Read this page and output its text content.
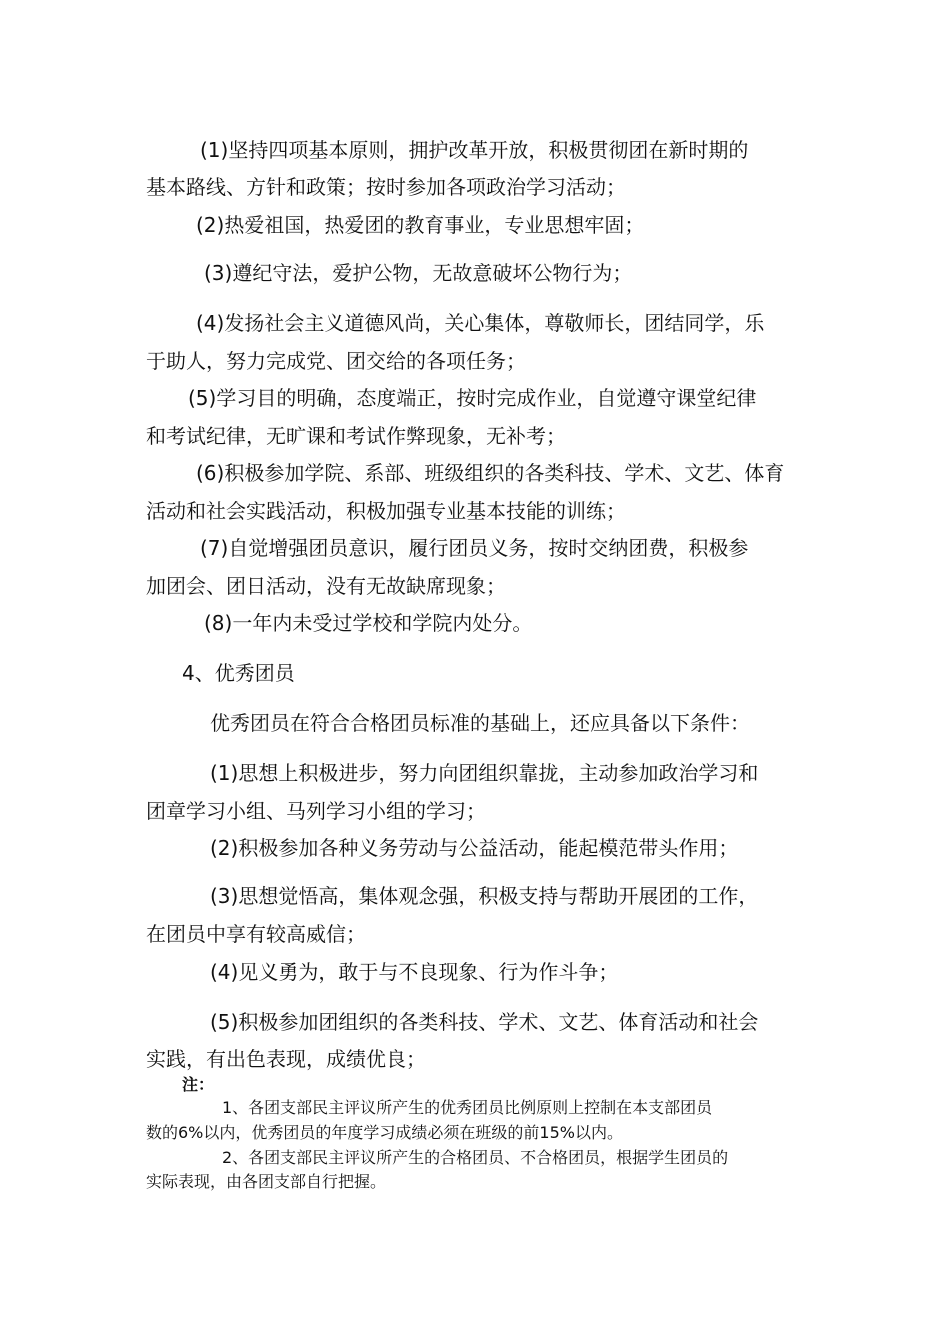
(1)坚持四项基本原则，拥护改革开放，积极贯彻团在新时期的
基本路线、方针和政策；按时参加各项政治学习活动；
(2)热爱祖国，热爱团的教育事业，专业思想牢固；
(3)遵纪守法，爱护公物，无故意破坏公物行为；
(4)发扬社会主义道德风尚，关心集体，尊敬师长，团结同学，乐
于助人，努力完成党、团交给的各项任务；
(5)学习目的明确，态度端正，按时完成作业，自觉遵守课堂纪律
和考试纪律，无旷课和考试作弊现象，无补考；
(6)积极参加学院、系部、班级组织的各类科技、学术、文艺、体育
活动和社会实践活动，积极加强专业基本技能的训练；
(7)自觉增强团员意识，履行团员义务，按时交纳团费，积极参
加团会、团日活动，没有无故缺席现象；
(8)一年内未受过学校和学院内处分。
4、优秀团员
优秀团员在符合合格团员标准的基础上，还应具备以下条件：
(1)思想上积极进步，努力向团组织靠拢，主动参加政治学习和
团章学习小组、马列学习小组的学习；
(2)积极参加各种义务劳动与公益活动，能起模范带头作用；
(3)思想觉悟高，集体观念强，积极支持与帮助开展团的工作，
在团员中享有较高威信；
(4)见义勇为，敢于与不良现象、行为作斗争；
(5)积极参加团组织的各类科技、学术、文艺、体育活动和社会
实践，有出色表现，成绩优良；
注：
1、各团支部民主评议所产生的优秀团员比例原则上控制在本支部团员
数的6%以内，优秀团员的年度学习成绩必须在班级的前15%以内。
2、各团支部民主评议所产生的合格团员、不合格团员，根据学生团员的
实际表现，由各团支部自行把握。
